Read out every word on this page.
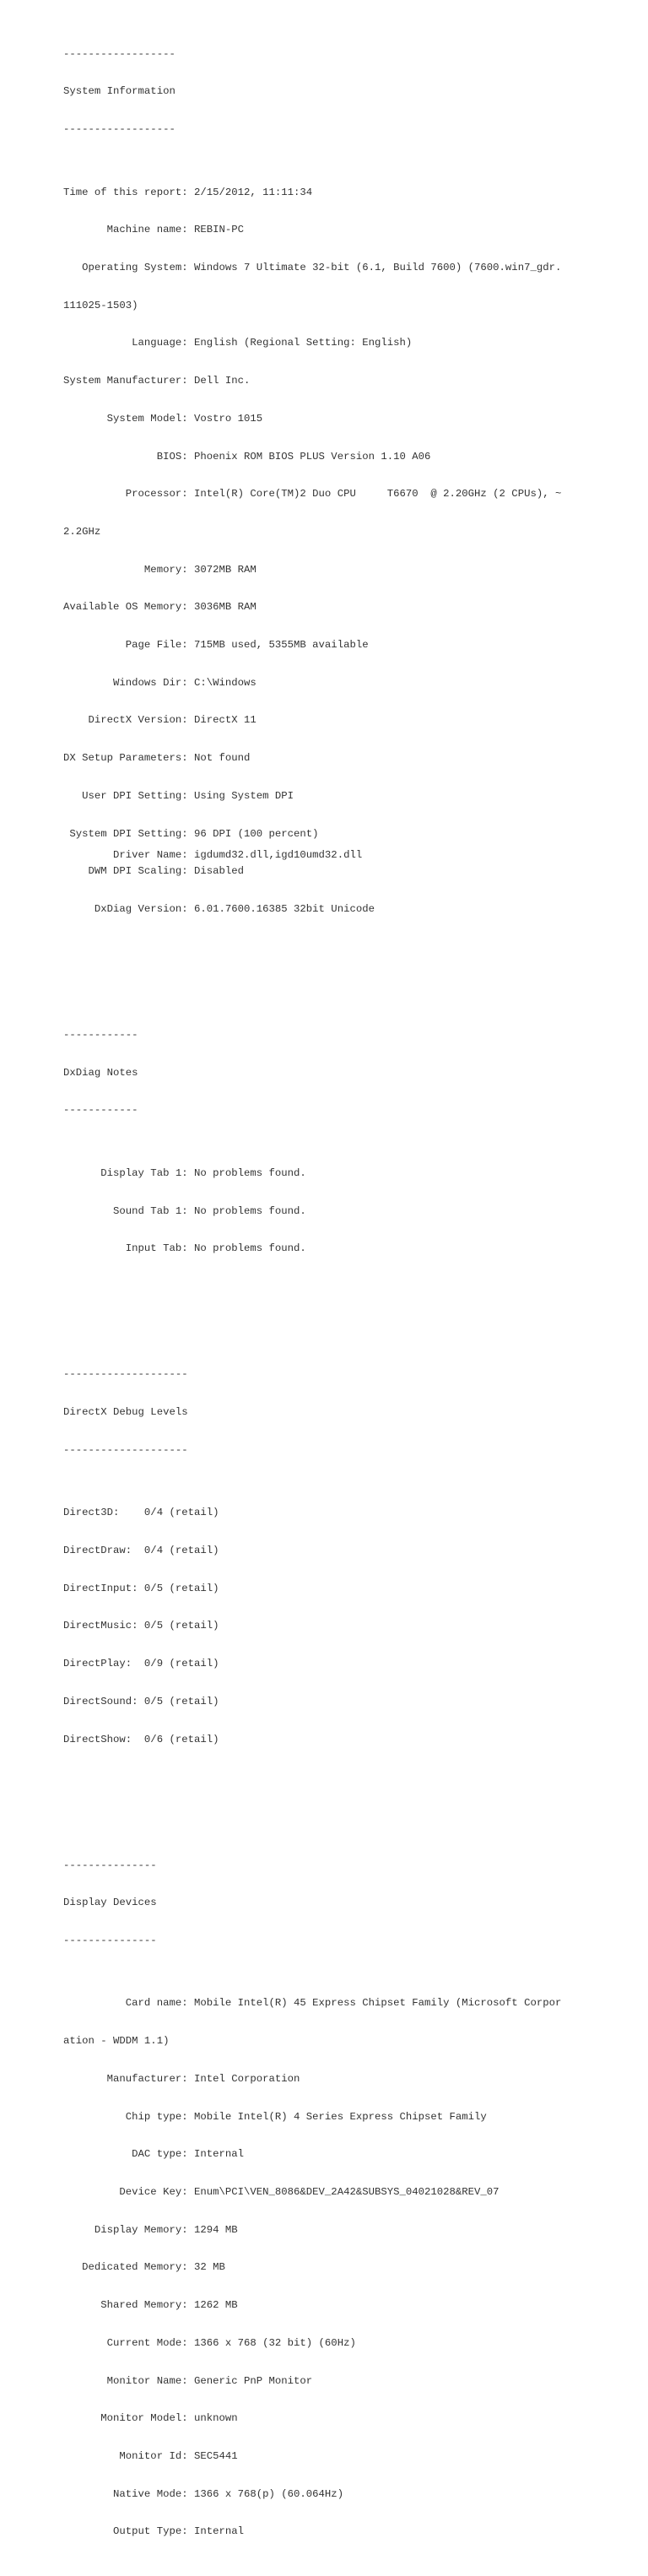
------------------

System Information

------------------

Time of this report: 2/15/2012, 11:11:34

Machine name: REBIN-PC

Operating System: Windows 7 Ultimate 32-bit (6.1, Build 7600) (7600.win7_gdr.

111025-1503)

Language: English (Regional Setting: English)

System Manufacturer: Dell Inc.

System Model: Vostro 1015

BIOS: Phoenix ROM BIOS PLUS Version 1.10 A06

Processor: Intel(R) Core(TM)2 Duo CPU     T6670  @ 2.20GHz (2 CPUs), ~

2.2GHz

Memory: 3072MB RAM

Available OS Memory: 3036MB RAM

Page File: 715MB used, 5355MB available

Windows Dir: C:\Windows

DirectX Version: DirectX 11

DX Setup Parameters: Not found

User DPI Setting: Using System DPI

System DPI Setting: 96 DPI (100 percent)

DWM DPI Scaling: Disabled

DxDiag Version: 6.01.7600.16385 32bit Unicode

------------

DxDiag Notes

------------

Display Tab 1: No problems found.

Sound Tab 1: No problems found.

Input Tab: No problems found.

--------------------

DirectX Debug Levels

--------------------

Direct3D:    0/4 (retail)

DirectDraw:  0/4 (retail)

DirectInput: 0/5 (retail)

DirectMusic: 0/5 (retail)

DirectPlay:  0/9 (retail)

DirectSound: 0/5 (retail)

DirectShow:  0/6 (retail)

---------------

Display Devices

---------------

Card name: Mobile Intel(R) 45 Express Chipset Family (Microsoft Corpor

ation - WDDM 1.1)

Manufacturer: Intel Corporation

Chip type: Mobile Intel(R) 4 Series Express Chipset Family

DAC type: Internal

Device Key: Enum\PCI\VEN_8086&DEV_2A42&SUBSYS_04021028&REV_07

Display Memory: 1294 MB

Dedicated Memory: 32 MB

Shared Memory: 1262 MB

Current Mode: 1366 x 768 (32 bit) (60Hz)

Monitor Name: Generic PnP Monitor

Monitor Model: unknown

Monitor Id: SEC5441

Native Mode: 1366 x 768(p) (60.064Hz)

Output Type: Internal

Driver Name: igdumd32.dll,igd10umd32.dll
